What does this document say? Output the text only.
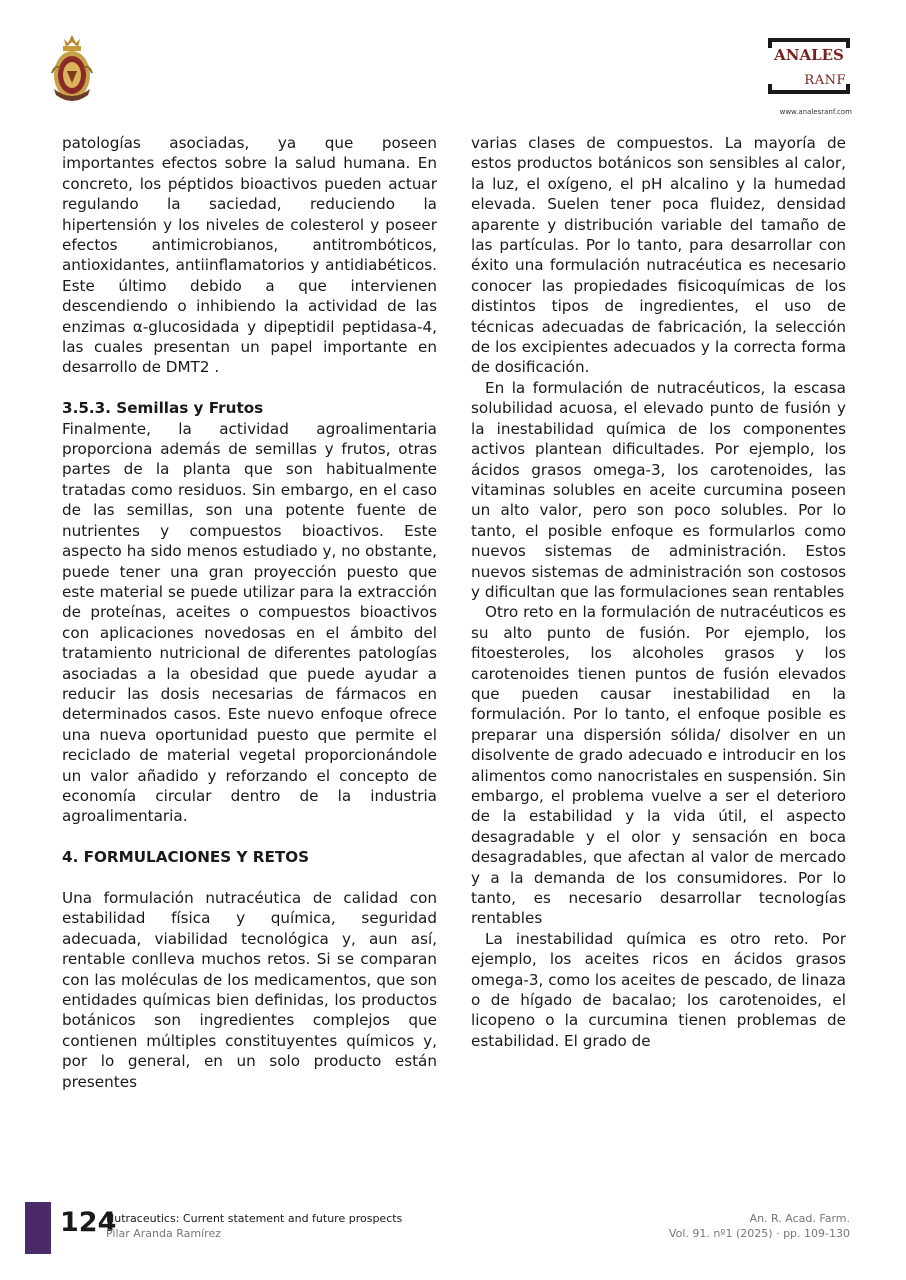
ANALES
RANF
www.analesranf.com

patologías asociadas, ya que poseen importantes efectos sobre la salud humana. En concreto, los péptidos bioactivos pueden actuar regulando la saciedad, reduciendo la hipertensión y los niveles de colesterol y poseer efectos antimicrobianos, antitrombóticos, antioxidantes, antiinflamatorios y antidiabéticos. Este último debido a que intervienen descendiendo o inhibiendo la actividad de las enzimas α-glucosidada y dipeptidil peptidasa-4, las cuales presentan un papel importante en desarrollo de DMT2 .

3.5.3. Semillas y Frutos

Finalmente, la actividad agroalimentaria proporciona además de semillas y frutos, otras partes de la planta que son habitualmente tratadas como residuos. Sin embargo, en el caso de las semillas, son una potente fuente de nutrientes y compuestos bioactivos. Este aspecto ha sido menos estudiado y, no obstante, puede tener una gran proyección puesto que este material se puede utilizar para la extracción de proteínas, aceites o compuestos bioactivos con aplicaciones novedosas en el ámbito del tratamiento nutricional de diferentes patologías asociadas a la obesidad que puede ayudar a reducir las dosis necesarias de fármacos en determinados casos. Este nuevo enfoque ofrece una nueva oportunidad puesto que permite el reciclado de material vegetal proporcionándole un valor añadido y reforzando el concepto de economía circular dentro de la industria agroalimentaria.

4. FORMULACIONES Y RETOS

Una formulación nutracéutica de calidad con estabilidad física y química, seguridad adecuada, viabilidad tecnológica y, aun así, rentable conlleva muchos retos. Si se comparan con las moléculas de los medicamentos, que son entidades químicas bien definidas, los productos botánicos son ingredientes complejos que contienen múltiples constituyentes químicos y, por lo general, en un solo producto están presentes

varias clases de compuestos. La mayoría de estos productos botánicos son sensibles al calor, la luz, el oxígeno, el pH alcalino y la humedad elevada. Suelen tener poca fluidez, densidad aparente y distribución variable del tamaño de las partículas. Por lo tanto, para desarrollar con éxito una formulación nutracéutica es necesario conocer las propiedades fisicoquímicas de los distintos tipos de ingredientes, el uso de técnicas adecuadas de fabricación, la selección de los excipientes adecuados y la correcta forma de dosificación.

En la formulación de nutracéuticos, la escasa solubilidad acuosa, el elevado punto de fusión y la inestabilidad química de los componentes activos plantean dificultades. Por ejemplo, los ácidos grasos omega-3, los carotenoides, las vitaminas solubles en aceite curcumina poseen un alto valor, pero son poco solubles. Por lo tanto, el posible enfoque es formularlos como nuevos sistemas de administración. Estos nuevos sistemas de administración son costosos y dificultan que las formulaciones sean rentables

Otro reto en la formulación de nutracéuticos es su alto punto de fusión. Por ejemplo, los fitoesteroles, los alcoholes grasos y los carotenoides tienen puntos de fusión elevados que pueden causar inestabilidad en la formulación. Por lo tanto, el enfoque posible es preparar una dispersión sólida/ disolver en un disolvente de grado adecuado e introducir en los alimentos como nanocristales en suspensión. Sin embargo, el problema vuelve a ser el deterioro de la estabilidad y la vida útil, el aspecto desagradable y el olor y sensación en boca desagradables, que afectan al valor de mercado y a la demanda de los consumidores. Por lo tanto, es necesario desarrollar tecnologías rentables

La inestabilidad química es otro reto. Por ejemplo, los aceites ricos en ácidos grasos omega-3, como los aceites de pescado, de linaza o de hígado de bacalao; los carotenoides, el licopeno o la curcumina tienen problemas de estabilidad. El grado de

124
Nutraceutics: Current statement and future prospects
Pilar Aranda Ramírez
An. R. Acad. Farm.
Vol. 91. nº1 (2025) · pp. 109-130
